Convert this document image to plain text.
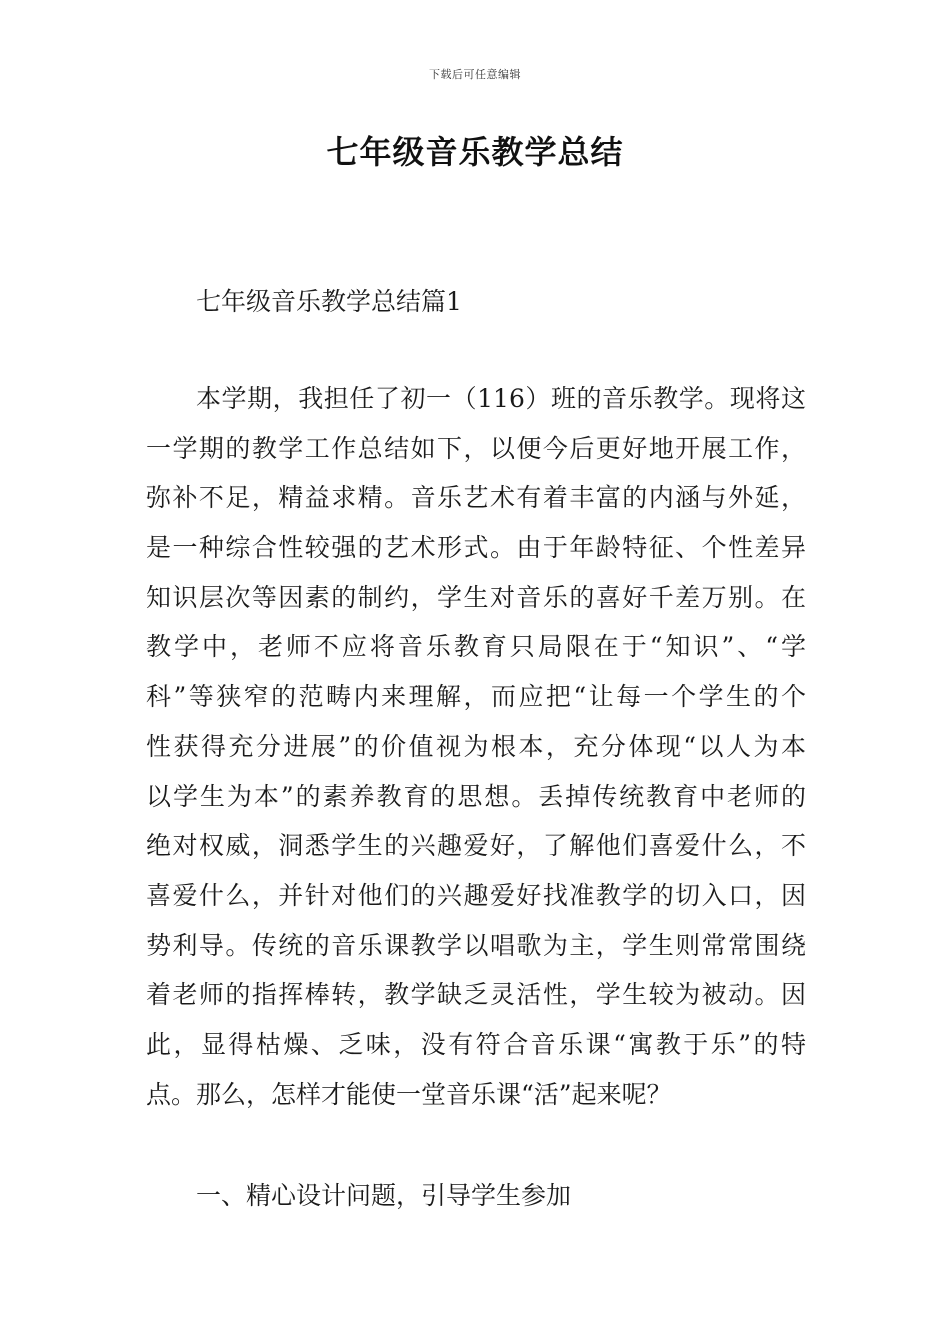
下载后可任意编辑
七年级音乐教学总结
七年级音乐教学总结篇1
本学期，我担任了初一（116）班的音乐教学。现将这
一学期的教学工作总结如下，以便今后更好地开展工作，
弥补不足，精益求精。音乐艺术有着丰富的内涵与外延，
是一种综合性较强的艺术形式。由于年龄特征、个性差异
知识层次等因素的制约，学生对音乐的喜好千差万别。在
教学中，老师不应将音乐教育只局限在于“知识”、“学
科”等狭窄的范畴内来理解，而应把“让每一个学生的个
性获得充分进展”的价值视为根本，充分体现“以人为本
以学生为本”的素养教育的思想。丢掉传统教育中老师的
绝对权威，洞悉学生的兴趣爱好，了解他们喜爱什么，不
喜爱什么，并针对他们的兴趣爱好找准教学的切入口，因
势利导。传统的音乐课教学以唱歌为主，学生则常常围绕
着老师的指挥棒转，教学缺乏灵活性，学生较为被动。因
此，显得枯燥、乏味，没有符合音乐课“寓教于乐”的特
点。那么，怎样才能使一堂音乐课“活”起来呢？
一、精心设计问题，引导学生参加
